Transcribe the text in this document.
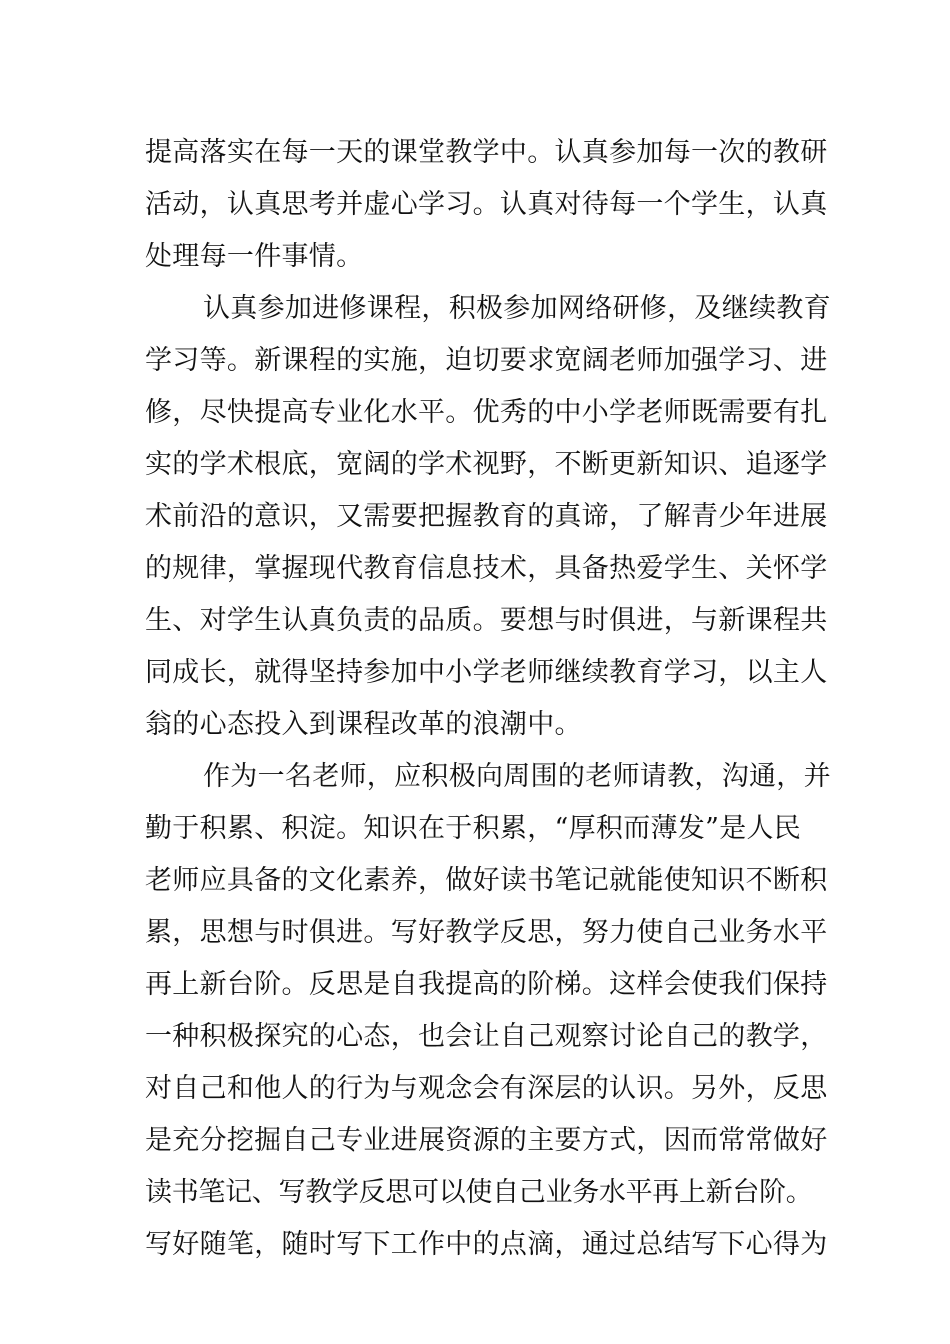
提高落实在每一天的课堂教学中。认真参加每一次的教研
活动，认真思考并虚心学习。认真对待每一个学生，认真
处理每一件事情。

认真参加进修课程，积极参加网络研修，及继续教育
学习等。新课程的实施，迫切要求宽阔老师加强学习、进
修，尽快提高专业化水平。优秀的中小学老师既需要有扎
实的学术根底，宽阔的学术视野，不断更新知识、追逐学
术前沿的意识，又需要把握教育的真谛，了解青少年进展
的规律，掌握现代教育信息技术，具备热爱学生、关怀学
生、对学生认真负责的品质。要想与时俱进，与新课程共
同成长，就得坚持参加中小学老师继续教育学习，以主人
翁的心态投入到课程改革的浪潮中。

作为一名老师，应积极向周围的老师请教，沟通，并
勤于积累、积淀。知识在于积累，“厚积而薄发”是人民
老师应具备的文化素养，做好读书笔记就能使知识不断积
累，思想与时俱进。写好教学反思，努力使自己业务水平
再上新台阶。反思是自我提高的阶梯。这样会使我们保持
一种积极探究的心态，也会让自己观察讨论自己的教学，
对自己和他人的行为与观念会有深层的认识。另外，反思
是充分挖掘自己专业进展资源的主要方式，因而常常做好
读书笔记、写教学反思可以使自己业务水平再上新台阶。
写好随笔，随时写下工作中的点滴，通过总结写下心得为
